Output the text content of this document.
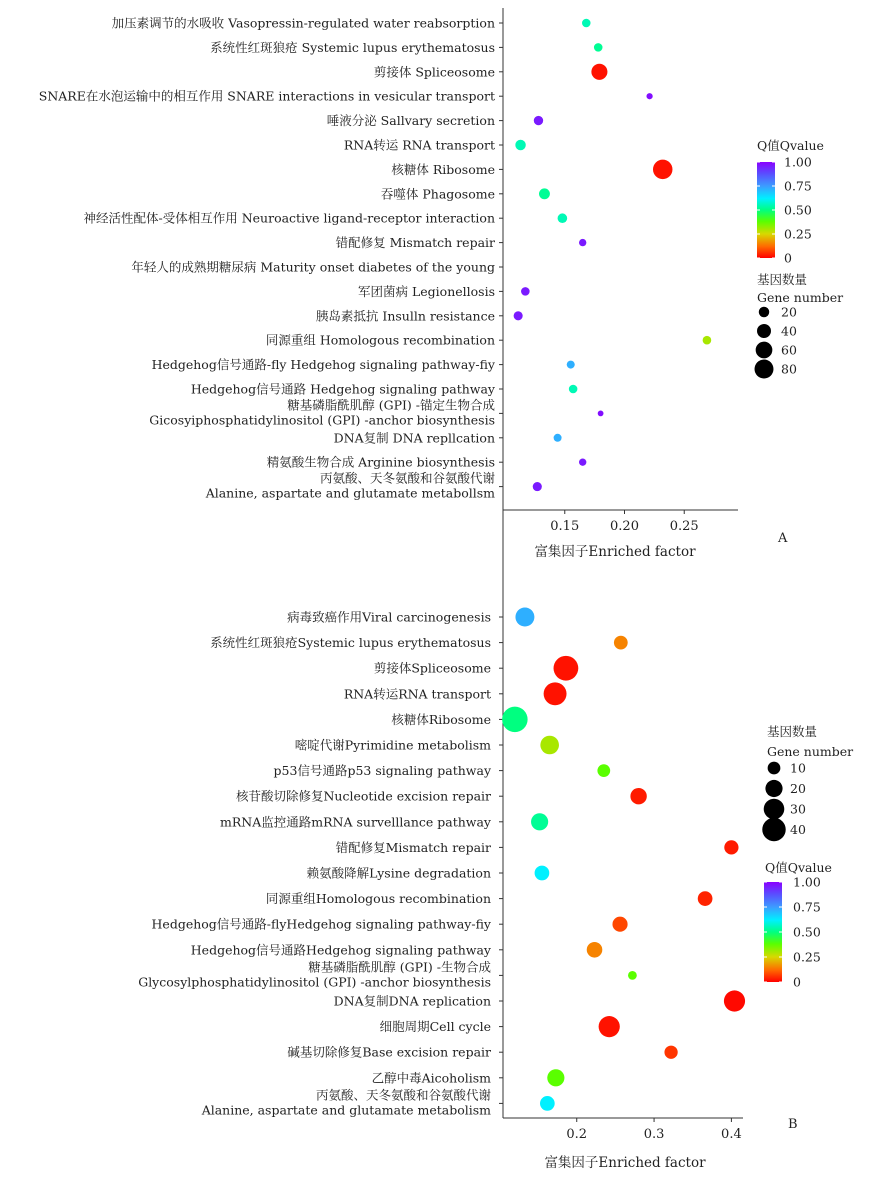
0.15 0.20 0.25
富集因子Enriched factor
A
加压素调节的水吸收 Vasopressin-regulated water reabsorption
系统性红斑狼疮 Systemic lupus erythematosus
剪接体 Spliceosome
SNARE在水泡运输中的相互作用 SNARE interactions in vesicular transport
唾液分泌 Sallvary secretion
RNA转运 RNA transport
核糖体 Ribosome
吞噬体 Phagosome
神经活性配体-受体相互作用 Neuroactive ligand-receptor interaction
错配修复 Mismatch repair
年轻人的成熟期糖尿病 Maturity onset diabetes of the young
军团菌病 Legionellosis
胰岛素抵抗 Insulln resistance
同源重组 Homologous recombination
Hedgehog信号通路-fly Hedgehog signaling pathway-fiy
Hedgehog信号通路 Hedgehog signaling pathway
糖基磷脂酰肌醇 (GPI) -锚定生物合成
Gicosyiphosphatidylinositol (GPI) -anchor biosynthesis
DNA复制 DNA repllcation
精氨酸生物合成 Arginine biosynthesis
丙氨酸、天冬氨酸和谷氨酸代谢
Alanine, aspartate and glutamate metabollsm
Q值Qvalue
1.00
0.75
0.50
0.25
0
基因数量
Gene number
20
40
60
80
0.2	0.3	0.4
富集因子Enriched factor
B
病毒致癌作用Viral carcinogenesis
系统性红斑狼疮Systemic lupus erythematosus
剪接体Spliceosome
RNA转运RNA transport
核糖体Ribosome
嘧啶代谢Pyrimidine metabolism
p53信号通路p53 signaling pathway
核苷酸切除修复Nucleotide excision repair
mRNA监控通路mRNA survelllance pathway
错配修复Mismatch repair
赖氨酸降解Lysine degradation
同源重组Homologous recombination
Hedgehog信号通路-flyHedgehog signaling pathway-fiy
Hedgehog信号通路Hedgehog signaling pathway
糖基磷脂酰肌醇 (GPI) -生物合成
Glycosylphosphatidylinositol (GPI) -anchor biosynthesis
DNA复制DNA replication
细胞周期Cell cycle
碱基切除修复Base excision repair
乙醇中毒Aicoholism
丙氨酸、天冬氨酸和谷氨酸代谢
Alanine, aspartate and glutamate metabolism
Q值Qvalue
1.00
0.75
0.50
0.25
0
基因数量
Gene number
10
20
30
40
